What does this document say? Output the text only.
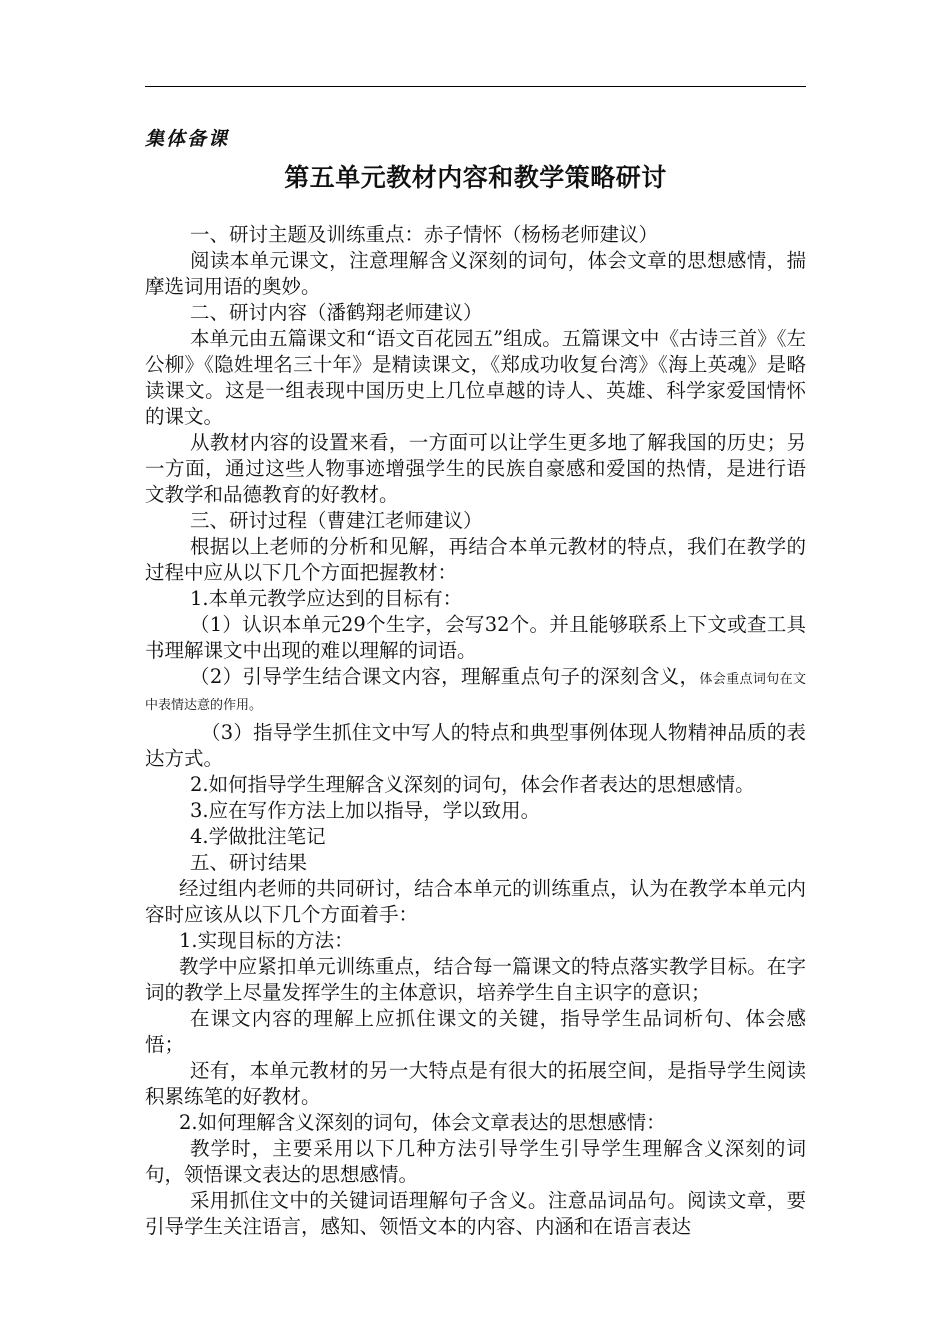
集体备课
第五单元教材内容和教学策略研讨

一、研讨主题及训练重点：赤子情怀（杨杨老师建议）

阅读本单元课文，注意理解含义深刻的词句，体会文章的思想感情，揣摩选词用语的奥妙。

二、研讨内容（潘鹤翔老师建议）

本单元由五篇课文和“语文百花园五”组成。五篇课文中《古诗三首》《左公柳》《隐姓埋名三十年》是精读课文，《郑成功收复台湾》《海上英魂》是略读课文。这是一组表现中国历史上几位卓越的诗人、英雄、科学家爱国情怀的课文。

从教材内容的设置来看，一方面可以让学生更多地了解我国的历史；另一方面，通过这些人物事迹增强学生的民族自豪感和爱国的热情，是进行语文教学和品德教育的好教材。

三、研讨过程（曹建江老师建议）

根据以上老师的分析和见解，再结合本单元教材的特点，我们在教学的过程中应从以下几个方面把握教材：

1.本单元教学应达到的目标有：

（1）认识本单元29个生字，会写32个。并且能够联系上下文或查工具书理解课文中出现的难以理解的词语。

（2）引导学生结合课文内容，理解重点句子的深刻含义，体会重点词句在文中表情达意的作用。

（3）指导学生抓住文中写人的特点和典型事例体现人物精神品质的表达方式。

2.如何指导学生理解含义深刻的词句，体会作者表达的思想感情。

3.应在写作方法上加以指导，学以致用。

4.学做批注笔记

五、研讨结果

经过组内老师的共同研讨，结合本单元的训练重点，认为在教学本单元内容时应该从以下几个方面着手：

1.实现目标的方法：

教学中应紧扣单元训练重点，结合每一篇课文的特点落实教学目标。在字词的教学上尽量发挥学生的主体意识，培养学生自主识字的意识；

在课文内容的理解上应抓住课文的关键，指导学生品词析句、体会感悟；

还有，本单元教材的另一大特点是有很大的拓展空间，是指导学生阅读积累练笔的好教材。

2.如何理解含义深刻的词句，体会文章表达的思想感情：

教学时，主要采用以下几种方法引导学生引导学生理解含义深刻的词句，领悟课文表达的思想感情。

采用抓住文中的关键词语理解句子含义。注意品词品句。阅读文章，要引导学生关注语言，感知、领悟文本的内容、内涵和在语言表达
